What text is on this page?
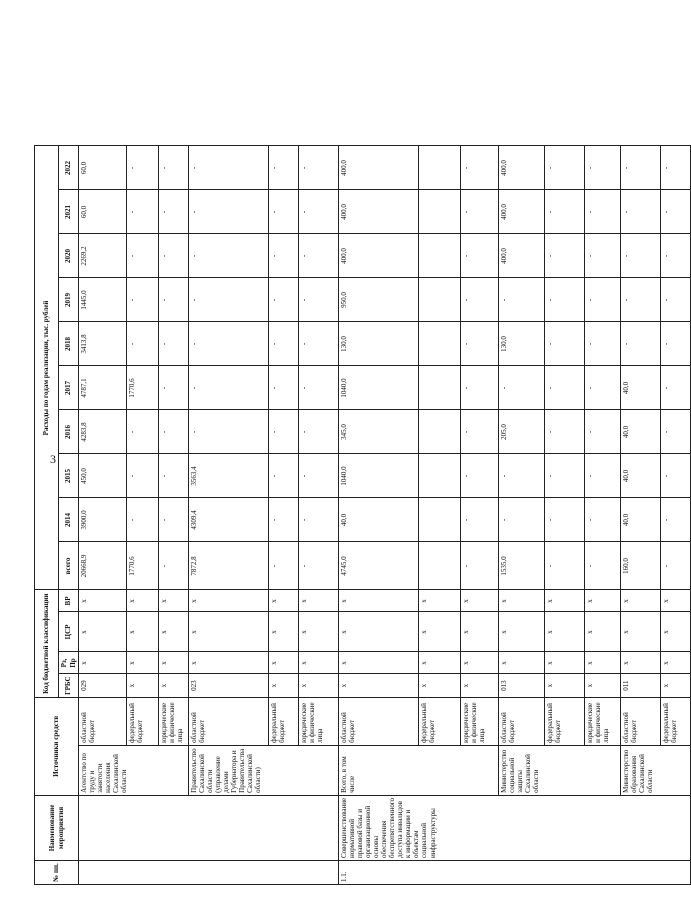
3
№ пп.	Наименование мероприятия	Источники средств		Код бюджетной классификации				Расходы по годам реализации, тыс. рублей									
				ГРБС	Рз, Пр	ЦСР	ВР	всего	2014	2015	2016	2017	2018	2019	2020	2021	2022
		Агентство по труду и занятости населения Сахалинской области	областной бюджет	029	x	x	x	20668,9	3900,0	450,0	4283,8	4787,1	3413,8	1445,0	2269,2	60,0	60,0
			федеральный бюджет	x	x	x	x	1770,6	-	-	-	1770,6	-	-	-	-	-
			юридические и физические лица	x	x	x	x	-	-	-	-	-	-	-	-	-	-
		Правительство Сахалинской области (управление делами Губернатора и Правительства Сахалинской области)	областной бюджет	023	x	x	x	7872,8	4309,4	3563,4	-	-	-	-	-	-	-
			федеральный бюджет	x	x	x	x	-	-	-	-	-	-	-	-	-	-
			юридические и физические лица	x	x	x	x	-	-	-	-	-	-	-	-	-	-
1.1.	Совершенствование нормативной правовой базы и организационной основы обеспечения беспрепятственного доступа инвалидов к информации и объектам социальной инфраструктуры	Всего, в том числе	областной бюджет	x	x	x	x	4745,0	40,0	1040,0	345,0	1040,0	130,0	950,0	400,0	400,0	400,0
			федеральный бюджет	x	x	x	x										
			юридические и физические лица	x	x	x	x	-	-	-	-	-	-	-	-	-	-
		Министерство социальной защиты Сахалинской области	областной бюджет	013	x	x	x	1535,0	-	-	205,0	-	130,0	-	400,0	400,0	400,0
			федеральный бюджет	x	x	x	x	-	-	-	-	-	-	-	-	-	-
			юридические и физические лица	x	x	x	x	-	-	-	-	-	-	-	-	-	-
		Министерство образования Сахалинской области	областной бюджет	011	x	x	x	160,0	40,0	40,0	40,0	40,0	-	-	-	-	-
			федеральный бюджет	x	x	x	x	-	-	-	-	-	-	-	-	-	-
